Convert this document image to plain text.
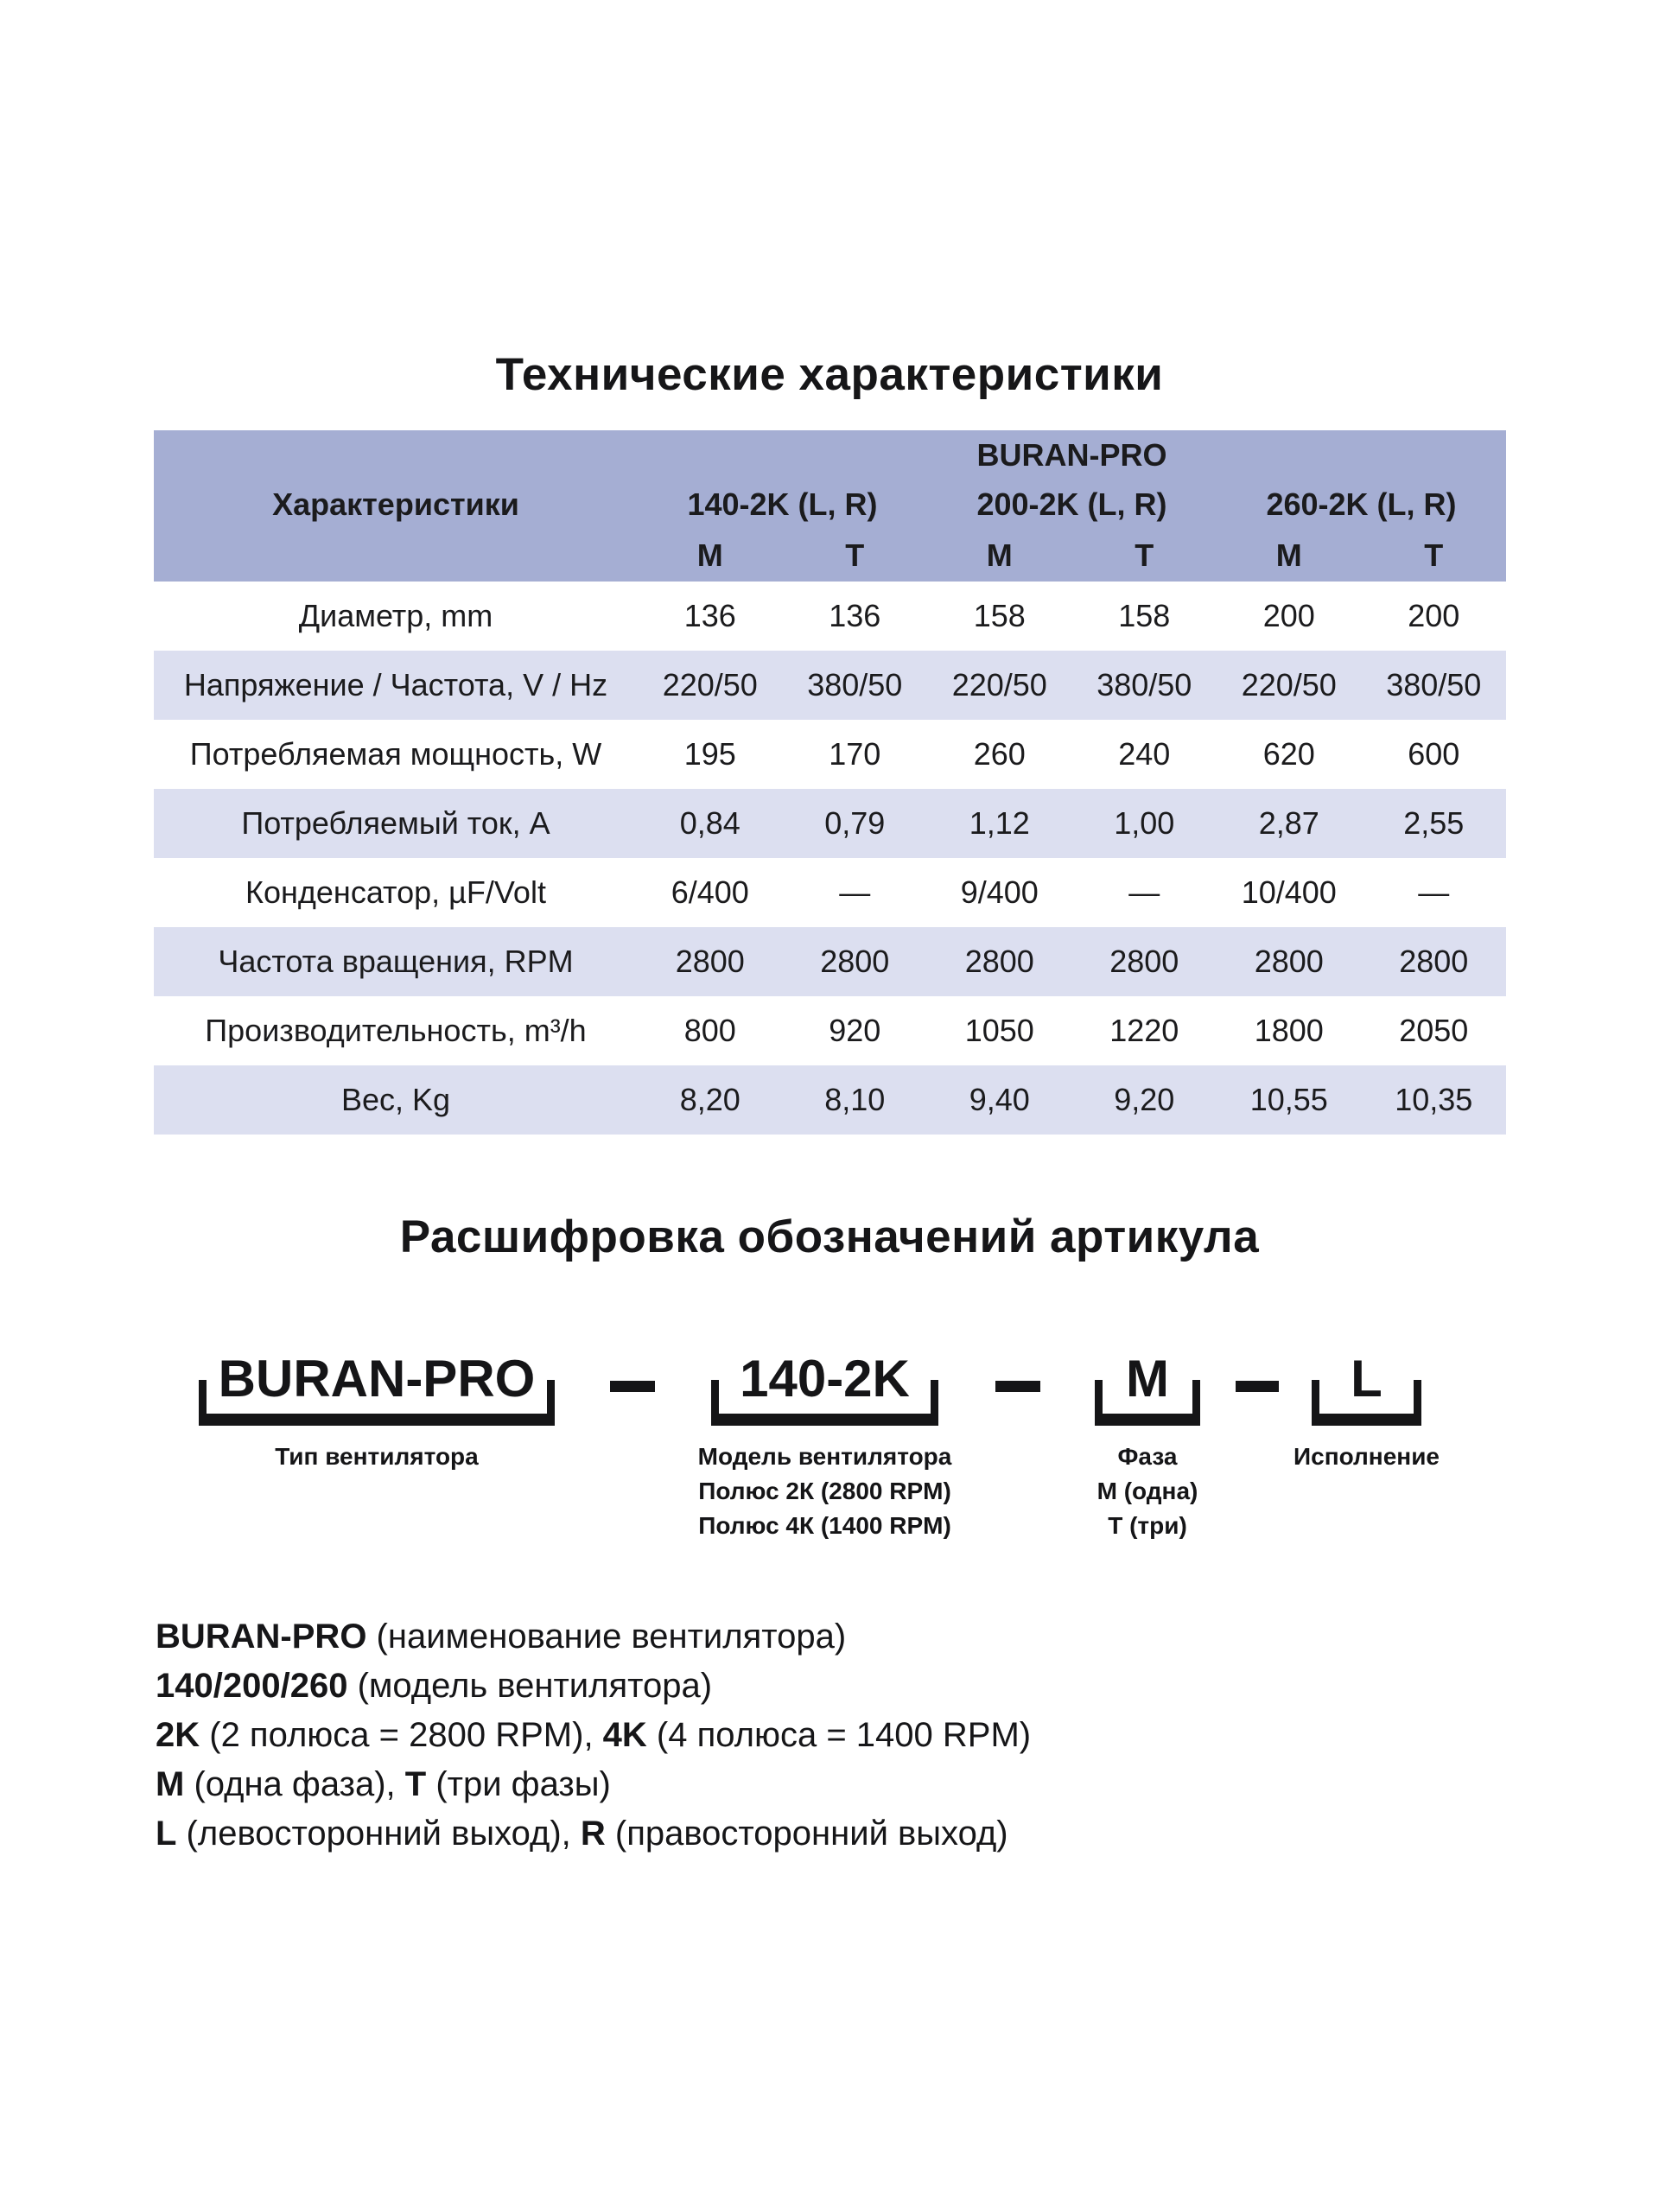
Технические характеристики
BURAN-PRO
Характеристики	140-2K (L, R)	200-2K (L, R)	260-2K (L, R)
M	T	M	T	M	T
Диаметр, mm	136	136	158	158	200	200
Напряжение / Частота, V / Hz	220/50	380/50	220/50	380/50	220/50	380/50
Потребляемая мощность, W	195	170	260	240	620	600
Потребляемый ток, А	0,84	0,79	1,12	1,00	2,87	2,55
Конденсатор, µF/Volt	6/400	—	9/400	—	10/400	—
Частота вращения, RPM	2800	2800	2800	2800	2800	2800
Производительность, m³/h	800	920	1050	1220	1800	2050
Вес, Kg	8,20	8,10	9,40	9,20	10,55	10,35
Расшифровка обозначений артикула
BURAN-PRO
Тип вентилятора
140-2K
Модель вентилятора
Полюс 2К (2800 RPM)
Полюс 4К (1400 RPM)
M
Фаза
М (одна)
Т (три)
L
Исполнение
BURAN-PRO (наименование вентилятора)
140/200/260 (модель вентилятора)
2K (2 полюса = 2800 RPM), 4K (4 полюса = 1400 RPM)
M (одна фаза), T (три фазы)
L (левосторонний выход), R (правосторонний выход)
